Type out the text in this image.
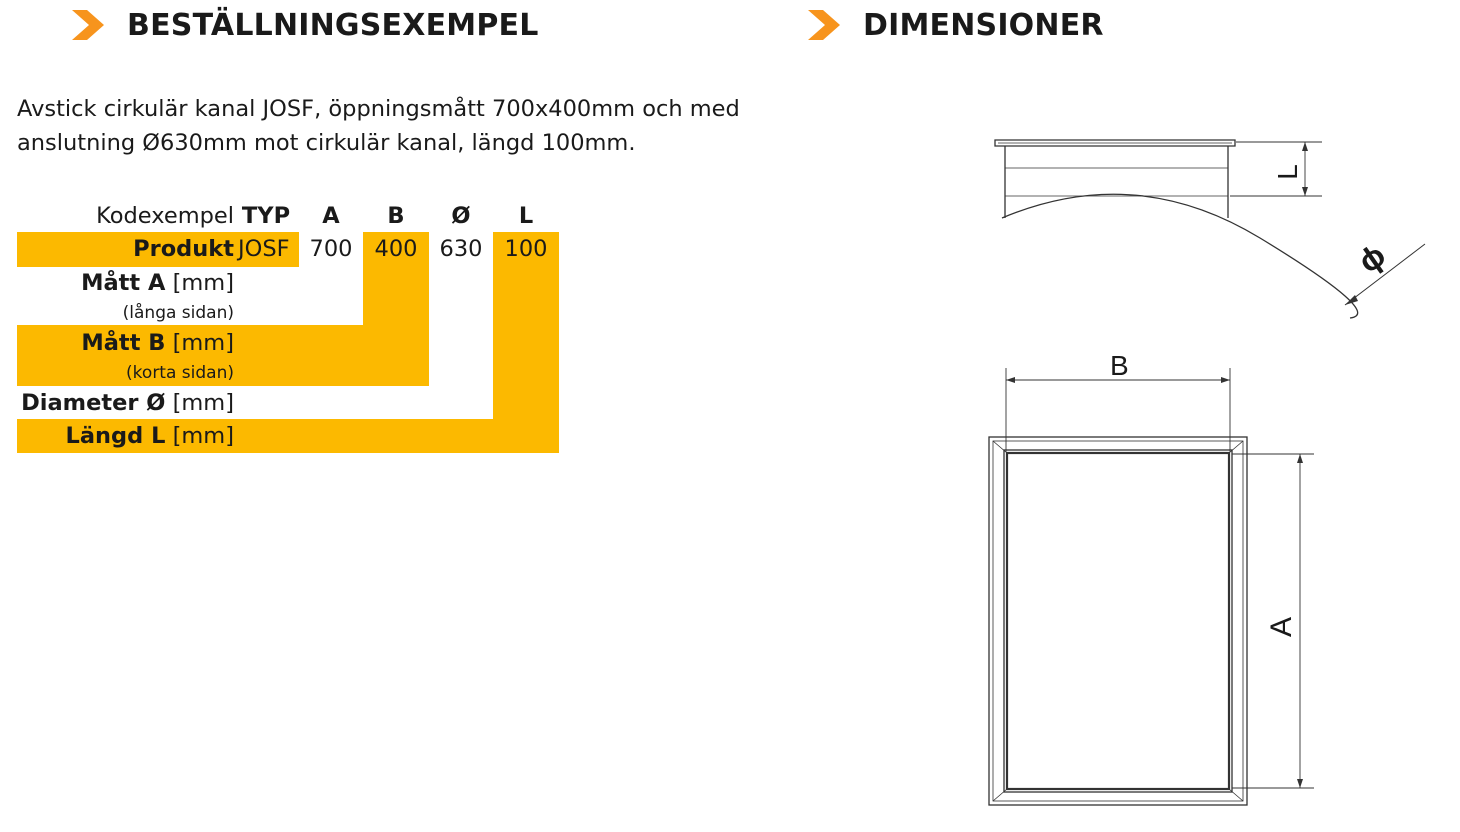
BESTÄLLNINGSEXEMPEL
Avstick cirkulär kanal JOSF, öppningsmått 700x400mm och med anslutning Ø630mm mot cirkulär kanal, längd 100mm.
Kodexempel TYP	A	B	Ø	L
Produkt JOSF 700 400 630 100
Mått A [mm]
(långa sidan)
Mått B [mm]
(korta sidan)
Diameter Ø [mm]
Längd L [mm]
DIMENSIONER
L
ϕ
B
A
